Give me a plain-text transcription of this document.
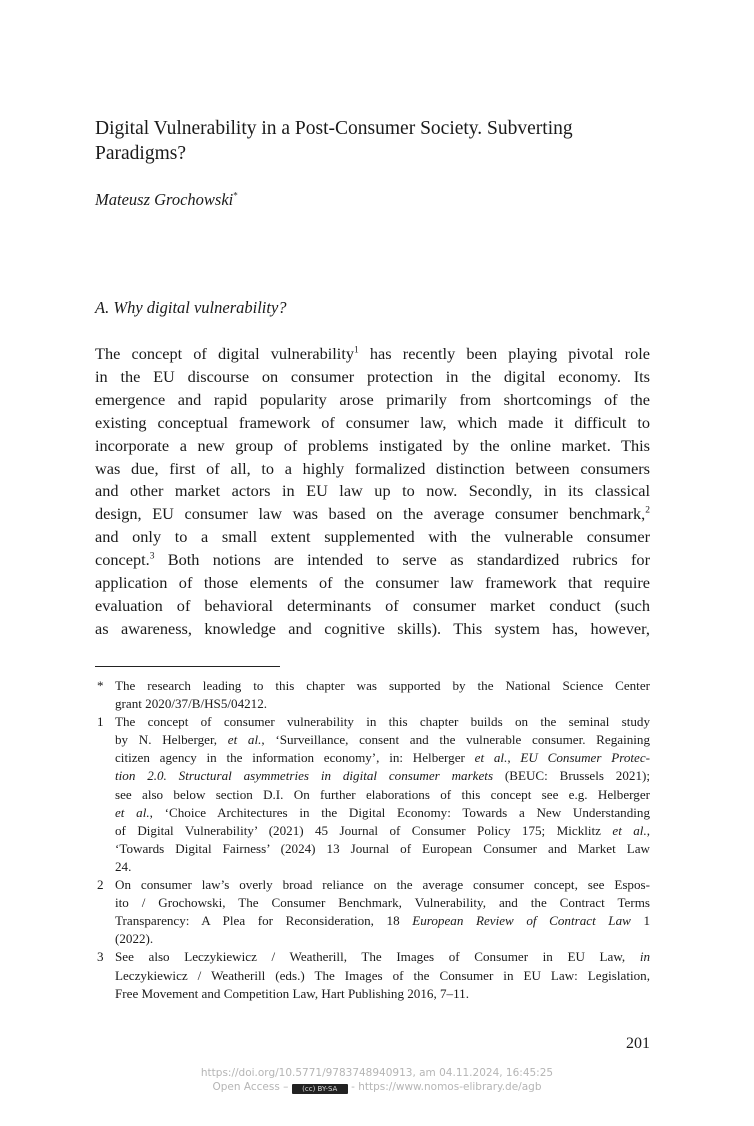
Digital Vulnerability in a Post-Consumer Society. Subverting
Paradigms?
Mateusz Grochowski*
A. Why digital vulnerability?
The concept of digital vulnerability$^1$ has recently been playing pivotal role
in the EU discourse on consumer protection in the digital economy. Its
emergence and rapid popularity arose primarily from shortcomings of the
existing conceptual framework of consumer law, which made it difficult to
incorporate a new group of problems instigated by the online market. This
was due, first of all, to a highly formalized distinction between consumers
and other market actors in EU law up to now. Secondly, in its classical
design, EU consumer law was based on the average consumer benchmark,$^2$
and only to a small extent supplemented with the vulnerable consumer
concept.$^3$ Both notions are intended to serve as standardized rubrics for
application of those elements of the consumer law framework that require
evaluation of behavioral determinants of consumer market conduct (such
as awareness, knowledge and cognitive skills). This system has, however,
* The research leading to this chapter was supported by the National Science Center
grant 2020/37/B/HS5/04212.
1 The concept of consumer vulnerability in this chapter builds on the seminal study
by N. Helberger, et al., ‘Surveillance, consent and the vulnerable consumer. Regaining
citizen agency in the information economy’, in: Helberger et al., EU Consumer Protec-
tion 2.0. Structural asymmetries in digital consumer markets (BEUC: Brussels 2021);
see also below section D.I. On further elaborations of this concept see e.g. Helberger
et al., ‘Choice Architectures in the Digital Economy: Towards a New Understanding
of Digital Vulnerability’ (2021) 45 Journal of Consumer Policy 175; Micklitz et al.,
‘Towards Digital Fairness’ (2024) 13 Journal of European Consumer and Market Law
24.
2 On consumer law’s overly broad reliance on the average consumer concept, see Espos-
ito / Grochowski, The Consumer Benchmark, Vulnerability, and the Contract Terms
Transparency: A Plea for Reconsideration, 18 European Review of Contract Law 1
(2022).
3 See also Leczykiewicz / Weatherill, The Images of Consumer in EU Law, in
Leczykiewicz / Weatherill (eds.) The Images of the Consumer in EU Law: Legislation,
Free Movement and Competition Law, Hart Publishing 2016, 7–11.
201
https://doi.org/10.5771/9783748940913, am 04.11.2024, 16:45:25
Open Access – (cc) BY-SA - https://www.nomos-elibrary.de/agb
